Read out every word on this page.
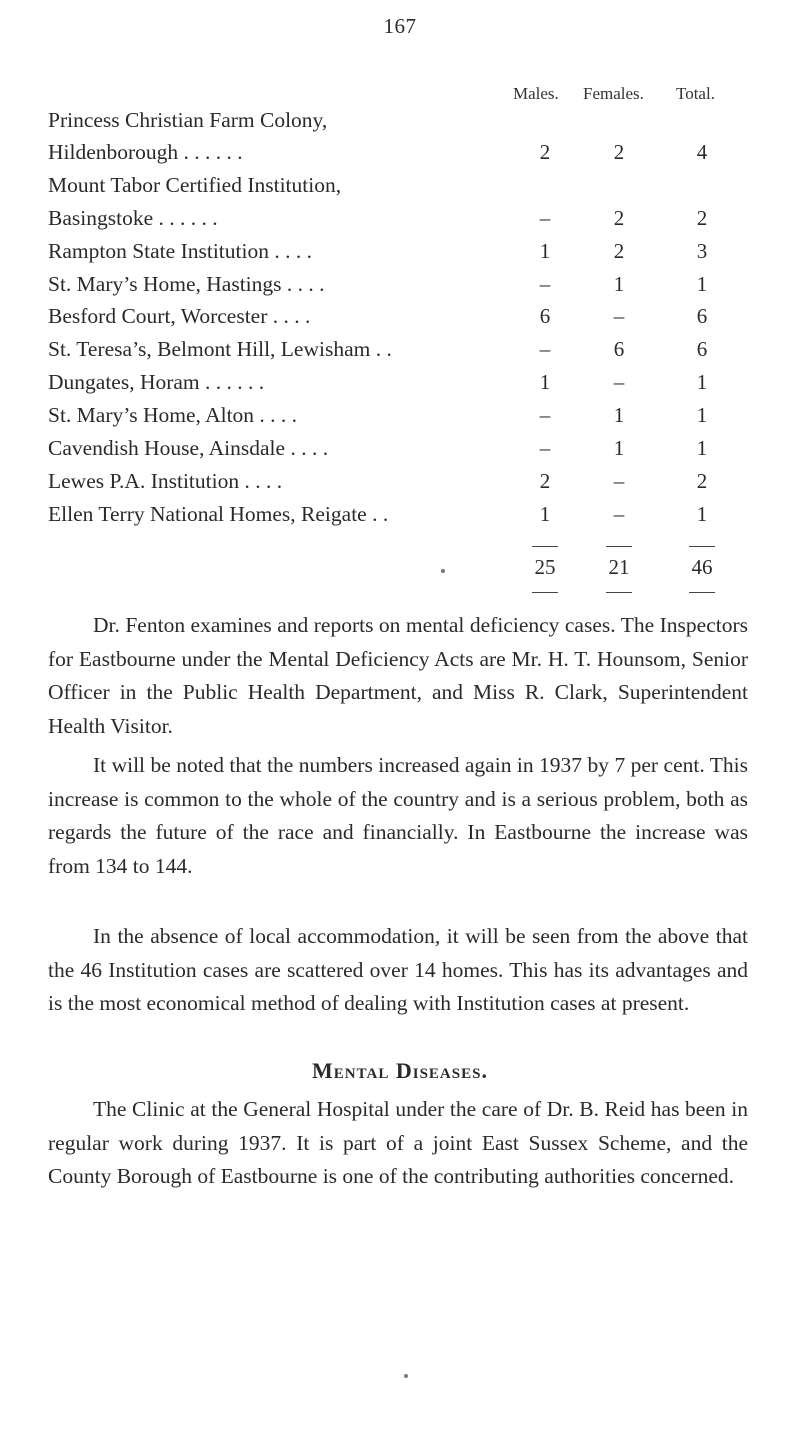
167
Males. Females. Total.
Princess Christian Farm Colony,
Hildenborough . . . . . .	2	2	4
Mount Tabor Certified Institution,
Basingstoke . . . . . .	–	2	2
Rampton State Institution . . . .	1	2	3
St. Mary’s Home, Hastings . . . .	–	1	1
Besford Court, Worcester . . . .	6	–	6
St. Teresa’s, Belmont Hill, Lewisham . .	–	6	6
Dungates, Horam . . . . . .	1	–	1
St. Mary’s Home, Alton . . . .	–	1	1
Cavendish House, Ainsdale . . . .	–	1	1
Lewes P.A. Institution . . . .	2	–	2
Ellen Terry National Homes, Reigate . .	1	–	1
25	21	46

Dr. Fenton examines and reports on mental deficiency cases. The Inspectors for Eastbourne under the Mental Deficiency Acts are Mr. H. T. Hounsom, Senior Officer in the Public Health Department, and Miss R. Clark, Superintendent Health Visitor.

It will be noted that the numbers increased again in 1937 by 7 per cent. This increase is common to the whole of the country and is a serious problem, both as regards the future of the race and financially. In Eastbourne the increase was from 134 to 144.

In the absence of local accommodation, it will be seen from the above that the 46 Institution cases are scattered over 14 homes. This has its advantages and is the most economical method of dealing with Institution cases at present.

Mental Diseases.

The Clinic at the General Hospital under the care of Dr. B. Reid has been in regular work during 1937. It is part of a joint East Sussex Scheme, and the County Borough of Eastbourne is one of the contributing authorities concerned.
